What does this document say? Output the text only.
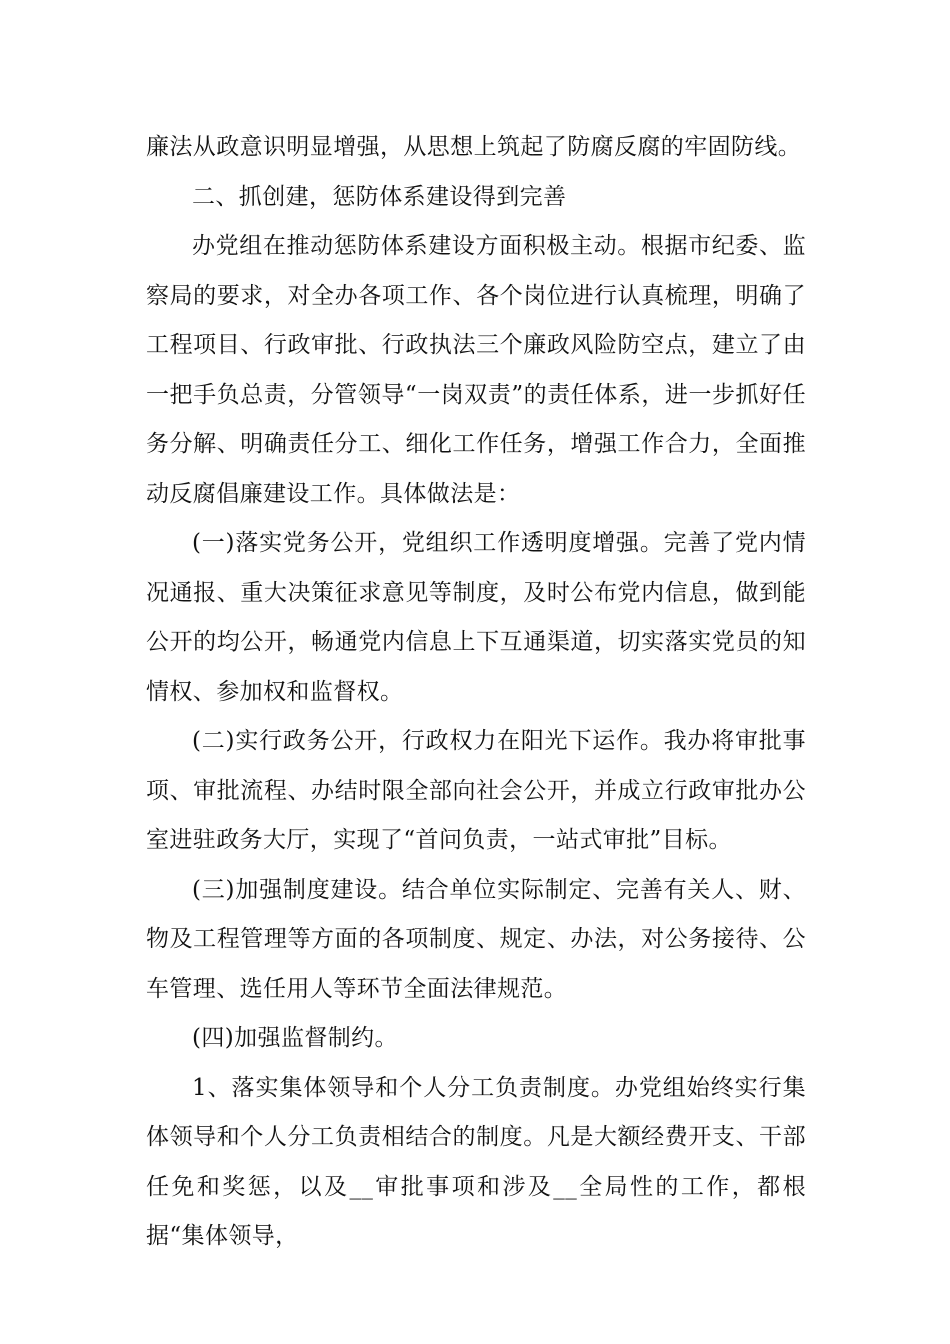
廉法从政意识明显增强，从思想上筑起了防腐反腐的牢固防线。

二、抓创建，惩防体系建设得到完善

办党组在推动惩防体系建设方面积极主动。根据市纪委、监察局的要求，对全办各项工作、各个岗位进行认真梳理，明确了工程项目、行政审批、行政执法三个廉政风险防空点，建立了由一把手负总责，分管领导“一岗双责”的责任体系，进一步抓好任务分解、明确责任分工、细化工作任务，增强工作合力，全面推动反腐倡廉建设工作。具体做法是：

(一)落实党务公开，党组织工作透明度增强。完善了党内情况通报、重大决策征求意见等制度，及时公布党内信息，做到能公开的均公开，畅通党内信息上下互通渠道，切实落实党员的知情权、参加权和监督权。

(二)实行政务公开，行政权力在阳光下运作。我办将审批事项、审批流程、办结时限全部向社会公开，并成立行政审批办公室进驻政务大厅，实现了“首问负责，一站式审批”目标。

(三)加强制度建设。结合单位实际制定、完善有关人、财、物及工程管理等方面的各项制度、规定、办法，对公务接待、公车管理、选任用人等环节全面法律规范。

(四)加强监督制约。

1、落实集体领导和个人分工负责制度。办党组始终实行集体领导和个人分工负责相结合的制度。凡是大额经费开支、干部任免和奖惩，以及__审批事项和涉及__全局性的工作，都根据“集体领导，
